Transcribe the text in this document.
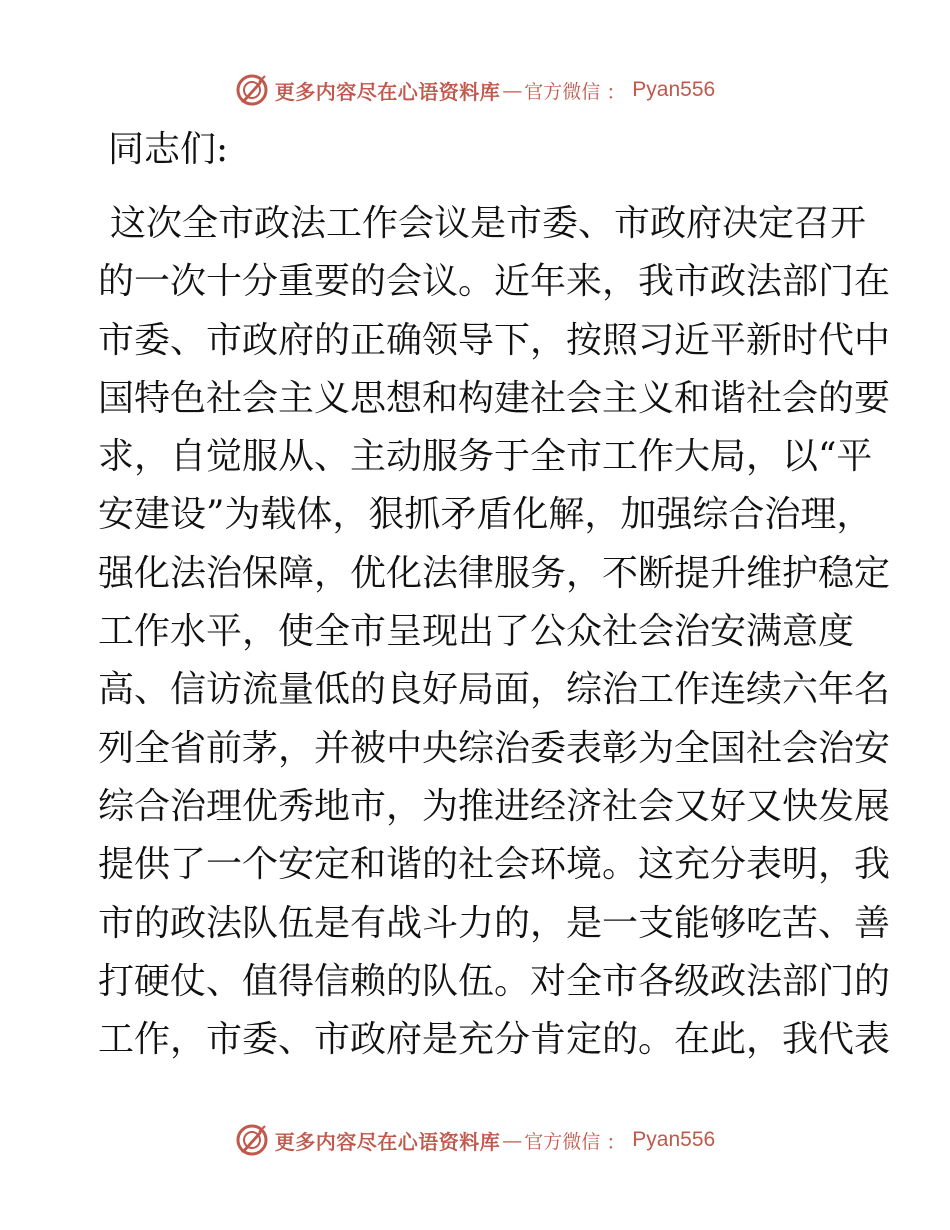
更多内容尽在心语资料库 — 官方微信 ： Pyan556

同志们:

这次全市政法工作会议是市委、市政府决定召开
的一次十分重要的会议。近年来，我市政法部门在
市委、市政府的正确领导下，按照习近平新时代中
国特色社会主义思想和构建社会主义和谐社会的要
求，自觉服从、主动服务于全市工作大局，以“平
安建设”为载体，狠抓矛盾化解，加强综合治理，
强化法治保障，优化法律服务，不断提升维护稳定
工作水平，使全市呈现出了公众社会治安满意度
高、信访流量低的良好局面，综治工作连续六年名
列全省前茅，并被中央综治委表彰为全国社会治安
综合治理优秀地市，为推进经济社会又好又快发展
提供了一个安定和谐的社会环境。这充分表明，我
市的政法队伍是有战斗力的，是一支能够吃苦、善
打硬仗、值得信赖的队伍。对全市各级政法部门的
工作，市委、市政府是充分肯定的。在此，我代表
更多内容尽在心语资料库 — 官方微信 ： Pyan556
